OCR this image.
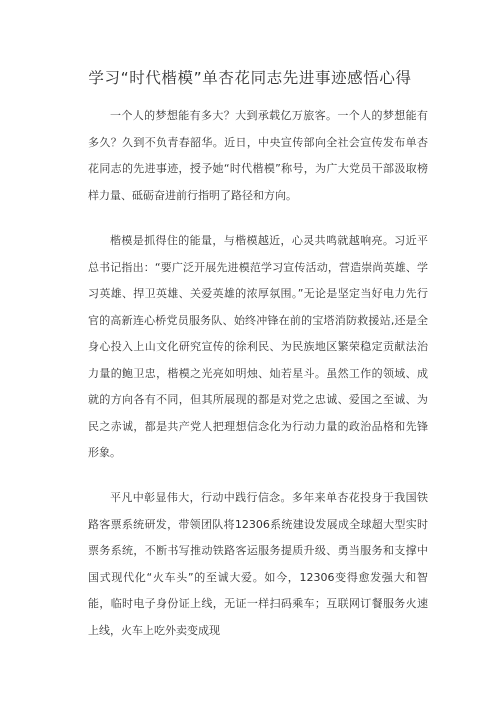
学习“时代楷模”单杏花同志先进事迹感悟心得

一个人的梦想能有多大？大到承载亿万旅客。一个人的梦想能有多久？久到不负青春韶华。近日，中央宣传部向全社会宣传发布单杏花同志的先进事迹，授予她“时代楷模”称号，为广大党员干部汲取榜样力量、砥砺奋进前行指明了路径和方向。

楷模是抓得住的能量，与楷模越近，心灵共鸣就越响亮。习近平总书记指出：“要广泛开展先进模范学习宣传活动，营造崇尚英雄、学习英雄、捍卫英雄、关爱英雄的浓厚氛围。”无论是坚定当好电力先行官的高新连心桥党员服务队、始终冲锋在前的宝塔消防救援站,还是全身心投入上山文化研究宣传的徐利民、为民族地区繁荣稳定贡献法治力量的鲍卫忠，楷模之光亮如明烛、灿若星斗。虽然工作的领域、成就的方向各有不同，但其所展现的都是对党之忠诚、爱国之至诚、为民之赤诚，都是共产党人把理想信念化为行动力量的政治品格和先锋形象。

平凡中彰显伟大，行动中践行信念。多年来单杏花投身于我国铁路客票系统研发，带领团队将12306系统建设发展成全球超大型实时票务系统，不断书写推动铁路客运服务提质升级、勇当服务和支撑中国式现代化“火车头”的至诚大爱。如今，12306变得愈发强大和智能，临时电子身份证上线，无证一样扫码乘车；互联网订餐服务火速上线，火车上吃外卖变成现
